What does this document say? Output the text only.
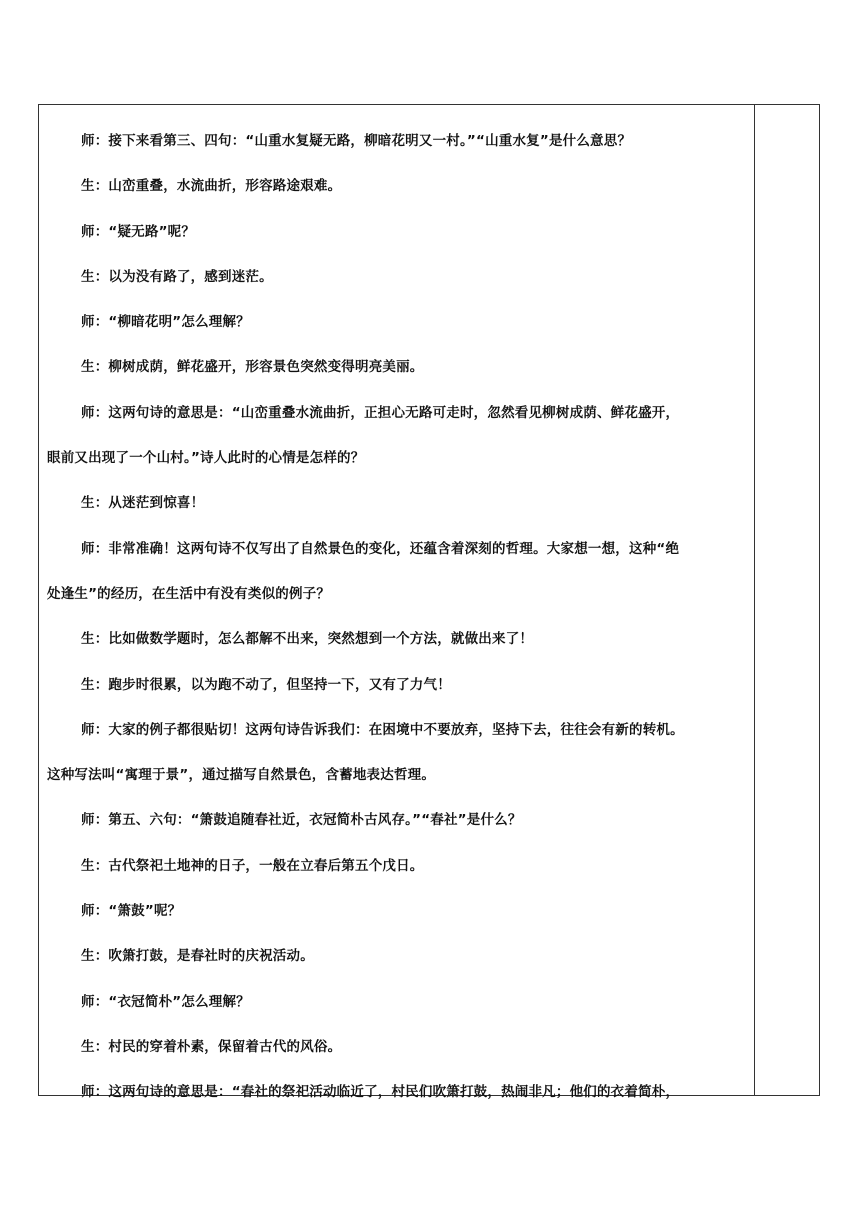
师：接下来看第三、四句：“山重水复疑无路，柳暗花明又一村。”“山重水复”是什么意思？
生：山峦重叠，水流曲折，形容路途艰难。
师：“疑无路”呢？
生：以为没有路了，感到迷茫。
师：“柳暗花明”怎么理解？
生：柳树成荫，鲜花盛开，形容景色突然变得明亮美丽。
师：这两句诗的意思是：“山峦重叠水流曲折，正担心无路可走时，忽然看见柳树成荫、鲜花盛开，
眼前又出现了一个山村。”诗人此时的心情是怎样的？
生：从迷茫到惊喜！
师：非常准确！这两句诗不仅写出了自然景色的变化，还蕴含着深刻的哲理。大家想一想，这种“绝
处逢生”的经历，在生活中有没有类似的例子？
生：比如做数学题时，怎么都解不出来，突然想到一个方法，就做出来了！
生：跑步时很累，以为跑不动了，但坚持一下，又有了力气！
师：大家的例子都很贴切！这两句诗告诉我们：在困境中不要放弃，坚持下去，往往会有新的转机。
这种写法叫“寓理于景”，通过描写自然景色，含蓄地表达哲理。
师：第五、六句：“箫鼓追随春社近，衣冠简朴古风存。”“春社”是什么？
生：古代祭祀土地神的日子，一般在立春后第五个戊日。
师：“箫鼓”呢？
生：吹箫打鼓，是春社时的庆祝活动。
师：“衣冠简朴”怎么理解？
生：村民的穿着朴素，保留着古代的风俗。
师：这两句诗的意思是：“春社的祭祀活动临近了，村民们吹箫打鼓，热闹非凡；他们的衣着简朴，
